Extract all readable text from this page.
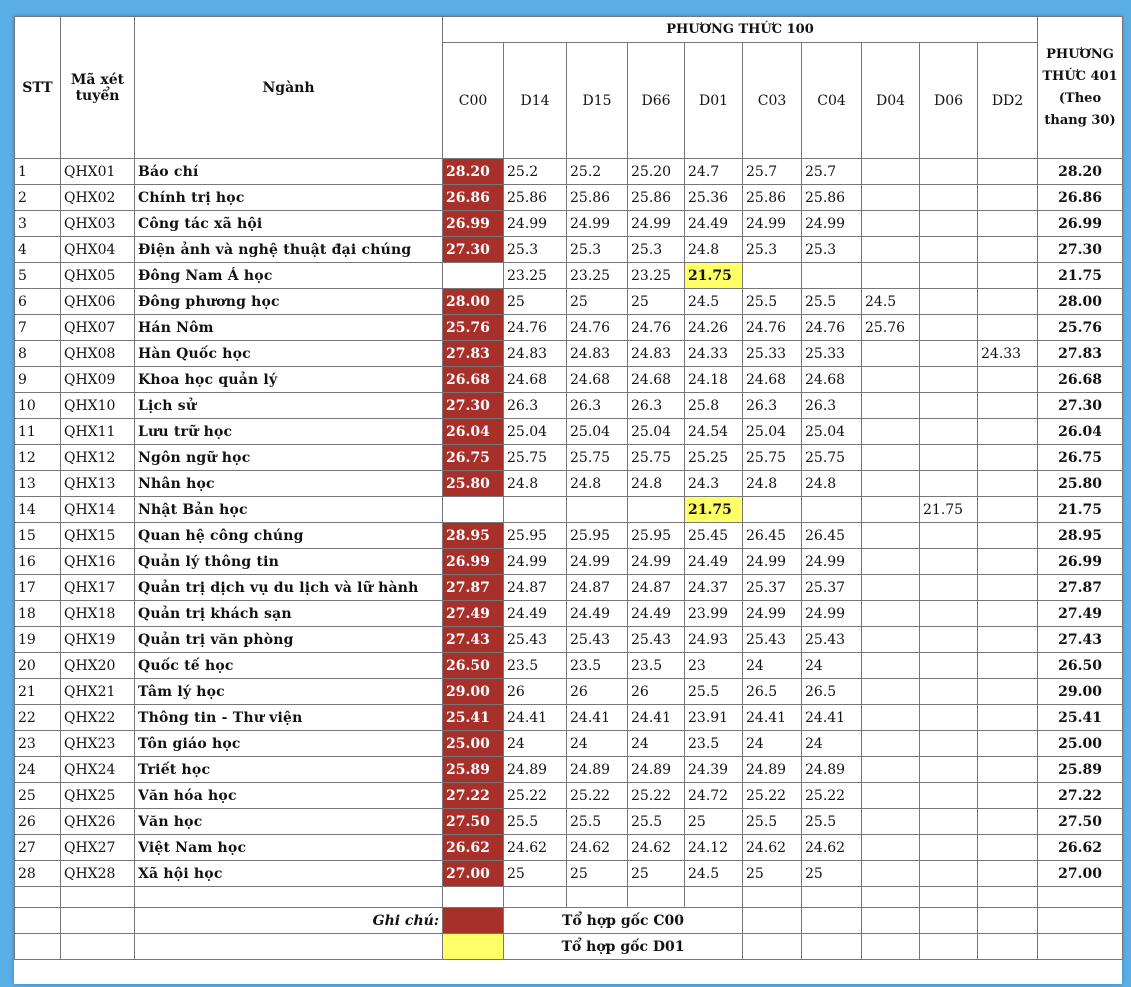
STT	Mã xét tuyển	Ngành	PHƯƠNG THỨC 100										PHƯƠNG THỨC 401 (Theo thang 30)
			C00	D14	D15	D66	D01	C03	C04	D04	D06	DD2	
1	QHX01	Báo chí	28.20	25.2	25.2	25.20	24.7	25.7	25.7				28.20
2	QHX02	Chính trị học	26.86	25.86	25.86	25.86	25.36	25.86	25.86				26.86
3	QHX03	Công tác xã hội	26.99	24.99	24.99	24.99	24.49	24.99	24.99				26.99
4	QHX04	Điện ảnh và nghệ thuật đại chúng	27.30	25.3	25.3	25.3	24.8	25.3	25.3				27.30
5	QHX05	Đông Nam Á học		23.25	23.25	23.25	21.75						21.75
6	QHX06	Đông phương học	28.00	25	25	25	24.5	25.5	25.5	24.5			28.00
7	QHX07	Hán Nôm	25.76	24.76	24.76	24.76	24.26	24.76	24.76	25.76			25.76
8	QHX08	Hàn Quốc học	27.83	24.83	24.83	24.83	24.33	25.33	25.33			24.33	27.83
9	QHX09	Khoa học quản lý	26.68	24.68	24.68	24.68	24.18	24.68	24.68				26.68
10	QHX10	Lịch sử	27.30	26.3	26.3	26.3	25.8	26.3	26.3				27.30
11	QHX11	Lưu trữ học	26.04	25.04	25.04	25.04	24.54	25.04	25.04				26.04
12	QHX12	Ngôn ngữ học	26.75	25.75	25.75	25.75	25.25	25.75	25.75				26.75
13	QHX13	Nhân học	25.80	24.8	24.8	24.8	24.3	24.8	24.8				25.80
14	QHX14	Nhật Bản học					21.75				21.75		21.75
15	QHX15	Quan hệ công chúng	28.95	25.95	25.95	25.95	25.45	26.45	26.45				28.95
16	QHX16	Quản lý thông tin	26.99	24.99	24.99	24.99	24.49	24.99	24.99				26.99
17	QHX17	Quản trị dịch vụ du lịch và lữ hành	27.87	24.87	24.87	24.87	24.37	25.37	25.37				27.87
18	QHX18	Quản trị khách sạn	27.49	24.49	24.49	24.49	23.99	24.99	24.99				27.49
19	QHX19	Quản trị văn phòng	27.43	25.43	25.43	25.43	24.93	25.43	25.43				27.43
20	QHX20	Quốc tế học	26.50	23.5	23.5	23.5	23	24	24				26.50
21	QHX21	Tâm lý học	29.00	26	26	26	25.5	26.5	26.5				29.00
22	QHX22	Thông tin - Thư viện	25.41	24.41	24.41	24.41	23.91	24.41	24.41				25.41
23	QHX23	Tôn giáo học	25.00	24	24	24	23.5	24	24				25.00
24	QHX24	Triết học	25.89	24.89	24.89	24.89	24.39	24.89	24.89				25.89
25	QHX25	Văn hóa học	27.22	25.22	25.22	25.22	24.72	25.22	25.22				27.22
26	QHX26	Văn học	27.50	25.5	25.5	25.5	25	25.5	25.5				27.50
27	QHX27	Việt Nam học	26.62	24.62	24.62	24.62	24.12	24.62	24.62				26.62
28	QHX28	Xã hội học	27.00	25	25	25	24.5	25	25				27.00

		Ghi chú:		Tổ hợp gốc C00									
				Tổ hợp gốc D01									
